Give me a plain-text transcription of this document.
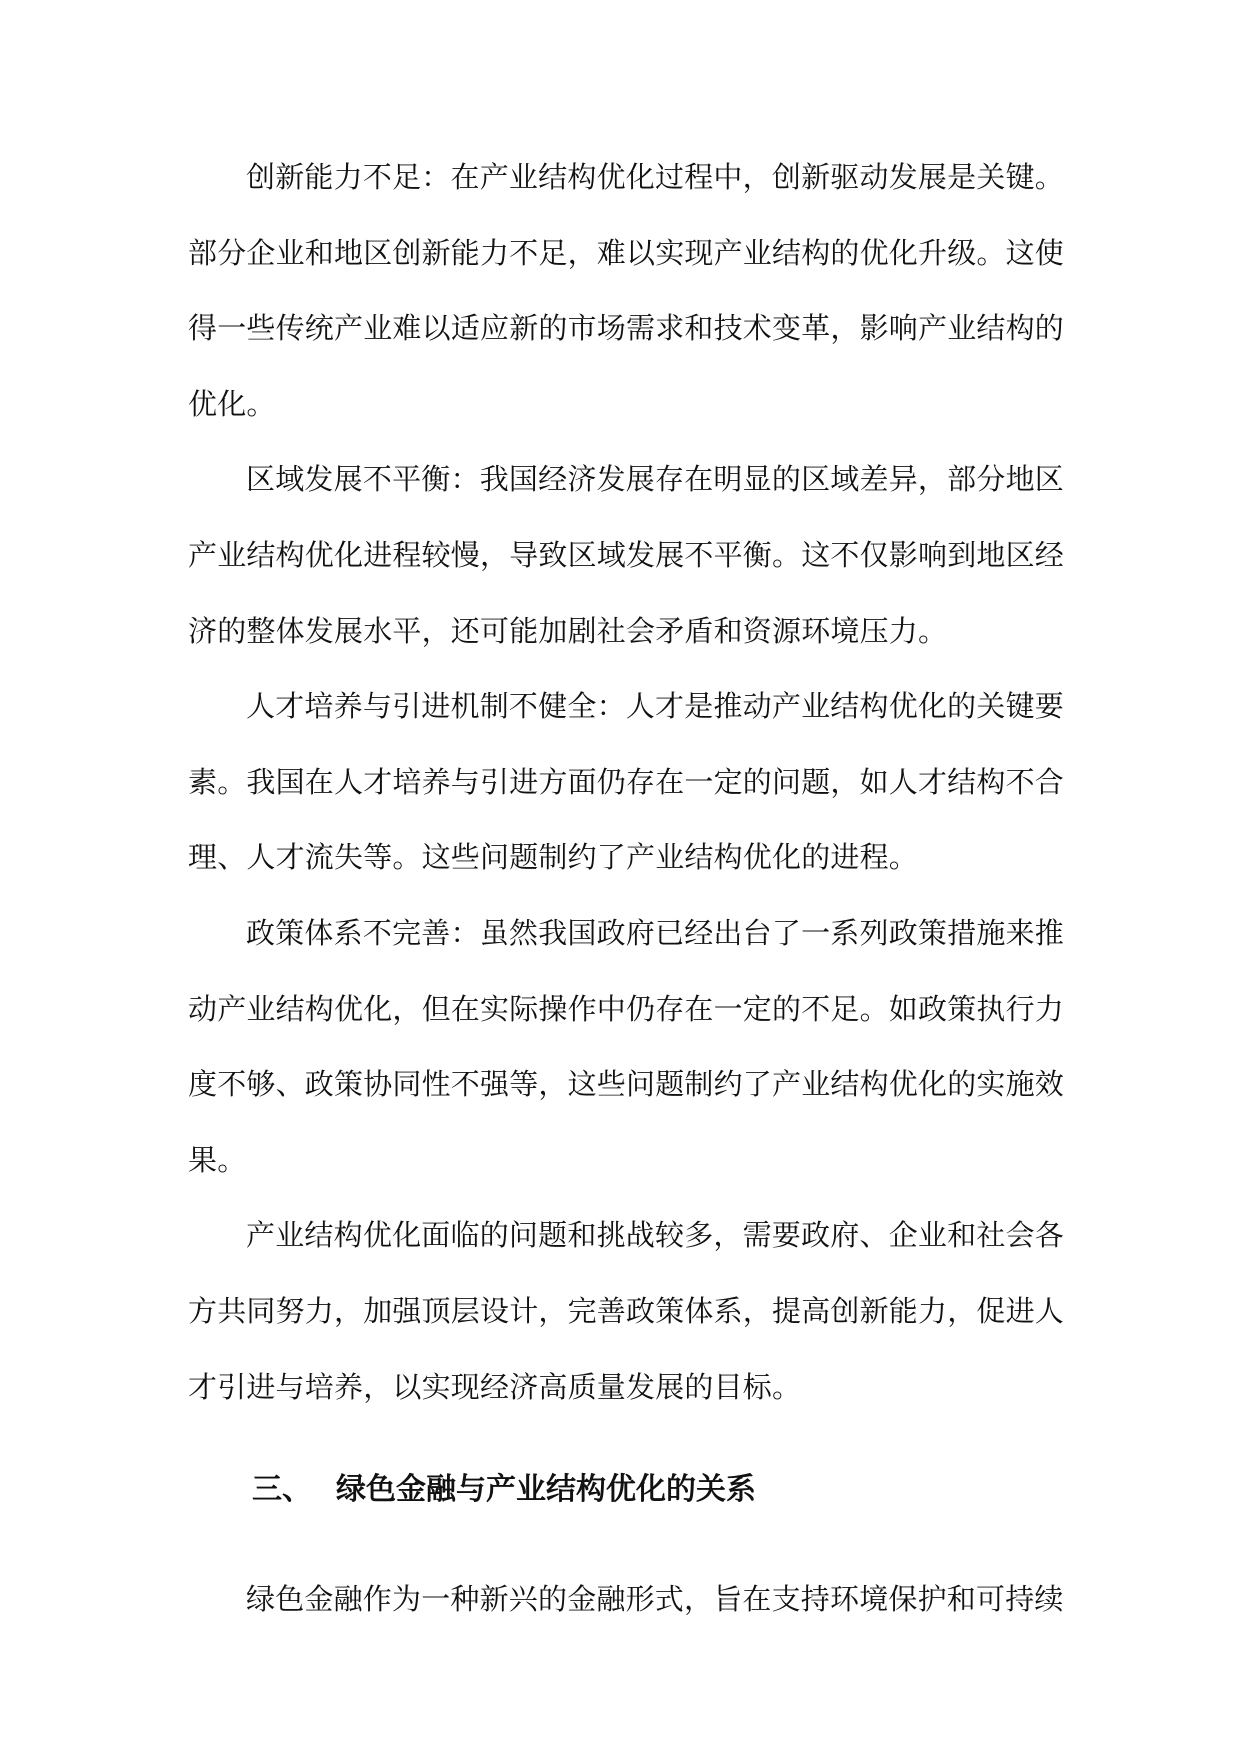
创新能力不足：在产业结构优化过程中，创新驱动发展是关键。部分企业和地区创新能力不足，难以实现产业结构的优化升级。这使得一些传统产业难以适应新的市场需求和技术变革，影响产业结构的优化。

区域发展不平衡：我国经济发展存在明显的区域差异，部分地区产业结构优化进程较慢，导致区域发展不平衡。这不仅影响到地区经济的整体发展水平，还可能加剧社会矛盾和资源环境压力。

人才培养与引进机制不健全：人才是推动产业结构优化的关键要素。我国在人才培养与引进方面仍存在一定的问题，如人才结构不合理、人才流失等。这些问题制约了产业结构优化的进程。

政策体系不完善：虽然我国政府已经出台了一系列政策措施来推动产业结构优化，但在实际操作中仍存在一定的不足。如政策执行力度不够、政策协同性不强等，这些问题制约了产业结构优化的实施效果。

产业结构优化面临的问题和挑战较多，需要政府、企业和社会各方共同努力，加强顶层设计，完善政策体系，提高创新能力，促进人才引进与培养，以实现经济高质量发展的目标。

三、 绿色金融与产业结构优化的关系

绿色金融作为一种新兴的金融形式，旨在支持环境保护和可持续
